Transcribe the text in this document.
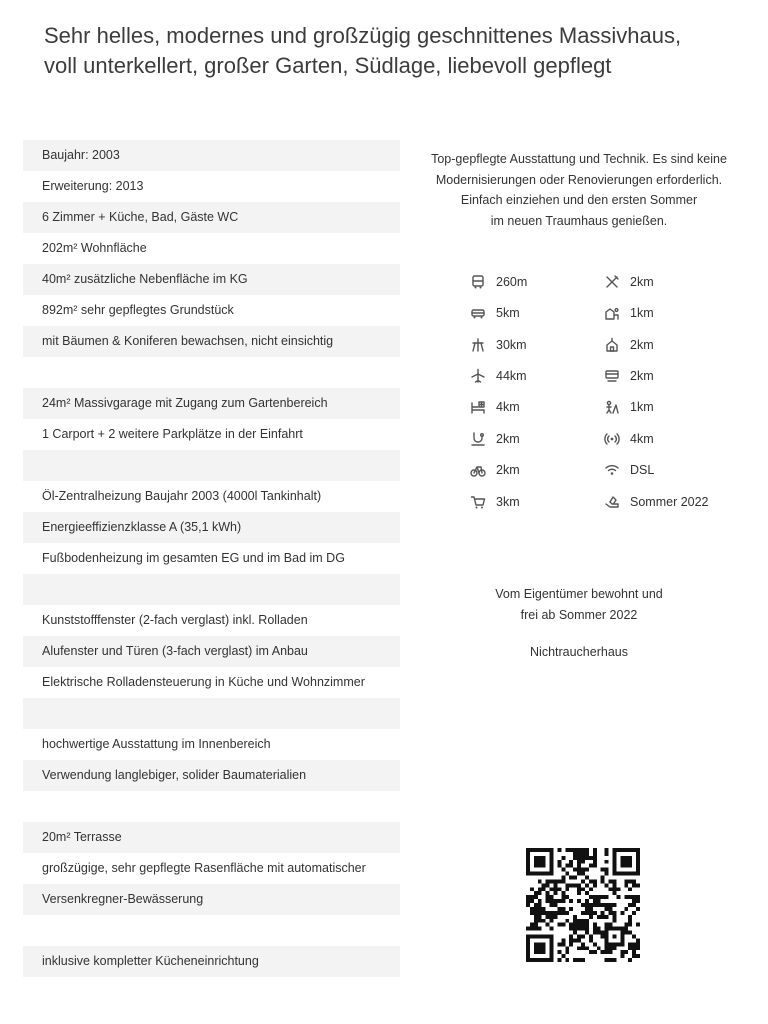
Sehr helles, modernes und großzügig geschnittenes Massivhaus,
voll unterkellert, großer Garten, Südlage, liebevoll gepflegt
Baujahr: 2003
Erweiterung: 2013
6 Zimmer + Küche, Bad, Gäste WC
202m² Wohnfläche
40m² zusätzliche Nebenfläche im KG
892m² sehr gepflegtes Grundstück
mit Bäumen & Koniferen bewachsen, nicht einsichtig
24m² Massivgarage mit Zugang zum Gartenbereich
1 Carport + 2 weitere Parkplätze in der Einfahrt
Öl-Zentralheizung Baujahr 2003 (4000l Tankinhalt)
Energieeffizienzklasse A (35,1 kWh)
Fußbodenheizung im gesamten EG und im Bad im DG
Kunststofffenster (2-fach verglast) inkl. Rolladen
Alufenster und Türen (3-fach verglast) im Anbau
Elektrische Rolladensteuerung in Küche und Wohnzimmer
hochwertige Ausstattung im Innenbereich
Verwendung langlebiger, solider Baumaterialien
20m² Terrasse
großzügige, sehr gepflegte Rasenfläche mit automatischer
Versenkregner-Bewässerung
inklusive kompletter Kücheneinrichtung
Top-gepflegte Ausstattung und Technik. Es sind keine
Modernisierungen oder Renovierungen erforderlich.
Einfach einziehen und den ersten Sommer
im neuen Traumhaus genießen.
260m
5km
30km
44km
4km
2km
2km
3km
2km
1km
2km
2km
1km
4km
DSL
Sommer 2022
Vom Eigentümer bewohnt und
frei ab Sommer 2022
Nichtraucherhaus
